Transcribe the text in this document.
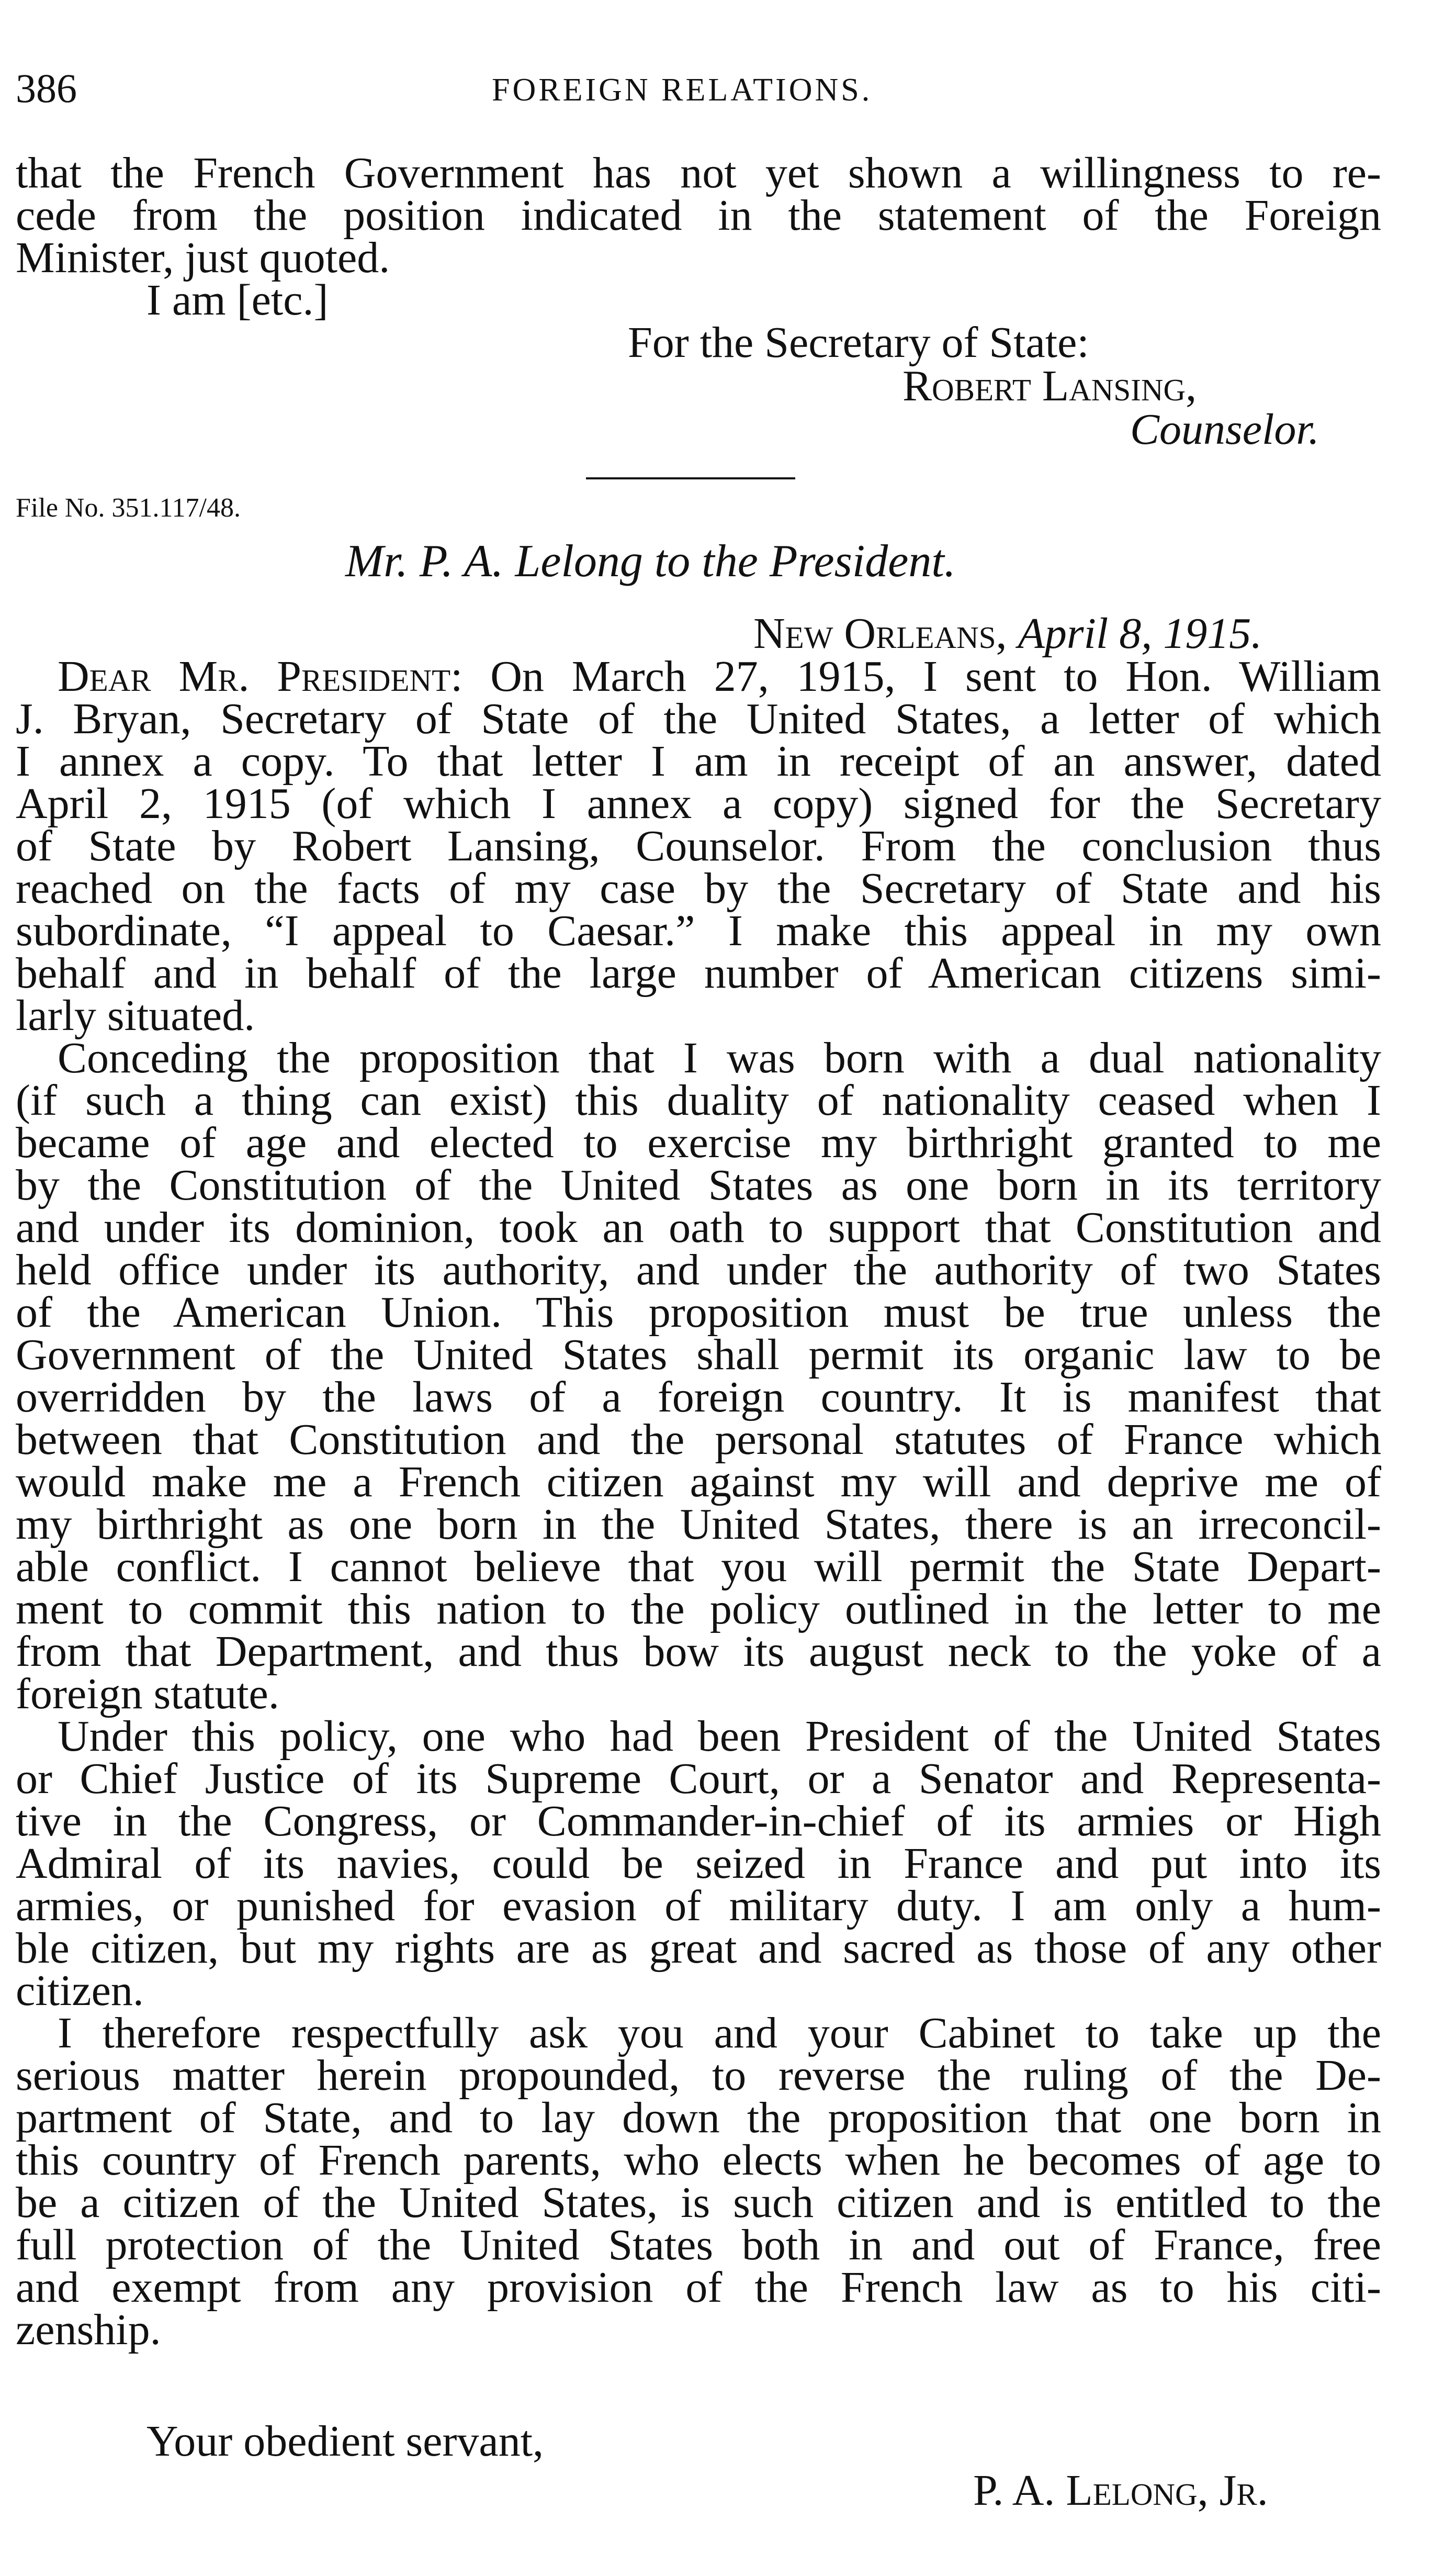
386	FOREIGN RELATIONS.

that the French Government has not yet shown a willingness to re-

cede from the position indicated in the statement of the Foreign

Minister, just quoted.

I am [etc.]
For the Secretary of State:
Robert Lansing,
Counselor.
File No. 351.117/48.
Mr. P. A. Lelong to the President.
New Orleans, April 8, 1915.

Dear Mr. President: On March 27, 1915, I sent to Hon. William

J. Bryan, Secretary of State of the United States, a letter of which

I annex a copy. To that letter I am in receipt of an answer, dated

April 2, 1915 (of which I annex a copy) signed for the Secretary

of State by Robert Lansing, Counselor. From the conclusion thus

reached on the facts of my case by the Secretary of State and his

subordinate, “I appeal to Caesar.” I make this appeal in my own

behalf and in behalf of the large number of American citizens simi-

larly situated.

Conceding the proposition that I was born with a dual nationality

(if such a thing can exist) this duality of nationality ceased when I

became of age and elected to exercise my birthright granted to me

by the Constitution of the United States as one born in its territory

and under its dominion, took an oath to support that Constitution and

held office under its authority, and under the authority of two States

of the American Union. This proposition must be true unless the

Government of the United States shall permit its organic law to be

overridden by the laws of a foreign country. It is manifest that

between that Constitution and the personal statutes of France which

would make me a French citizen against my will and deprive me of

my birthright as one born in the United States, there is an irreconcil-

able conflict. I cannot believe that you will permit the State Depart-

ment to commit this nation to the policy outlined in the letter to me

from that Department, and thus bow its august neck to the yoke of a

foreign statute.

Under this policy, one who had been President of the United States

or Chief Justice of its Supreme Court, or a Senator and Representa-

tive in the Congress, or Commander-in-chief of its armies or High

Admiral of its navies, could be seized in France and put into its

armies, or punished for evasion of military duty. I am only a hum-

ble citizen, but my rights are as great and sacred as those of any other

citizen.

I therefore respectfully ask you and your Cabinet to take up the

serious matter herein propounded, to reverse the ruling of the De-

partment of State, and to lay down the proposition that one born in

this country of French parents, who elects when he becomes of age to

be a citizen of the United States, is such citizen and is entitled to the

full protection of the United States both in and out of France, free

and exempt from any provision of the French law as to his citi-

zenship.

Your obedient servant,
P. A. Lelong, Jr.
